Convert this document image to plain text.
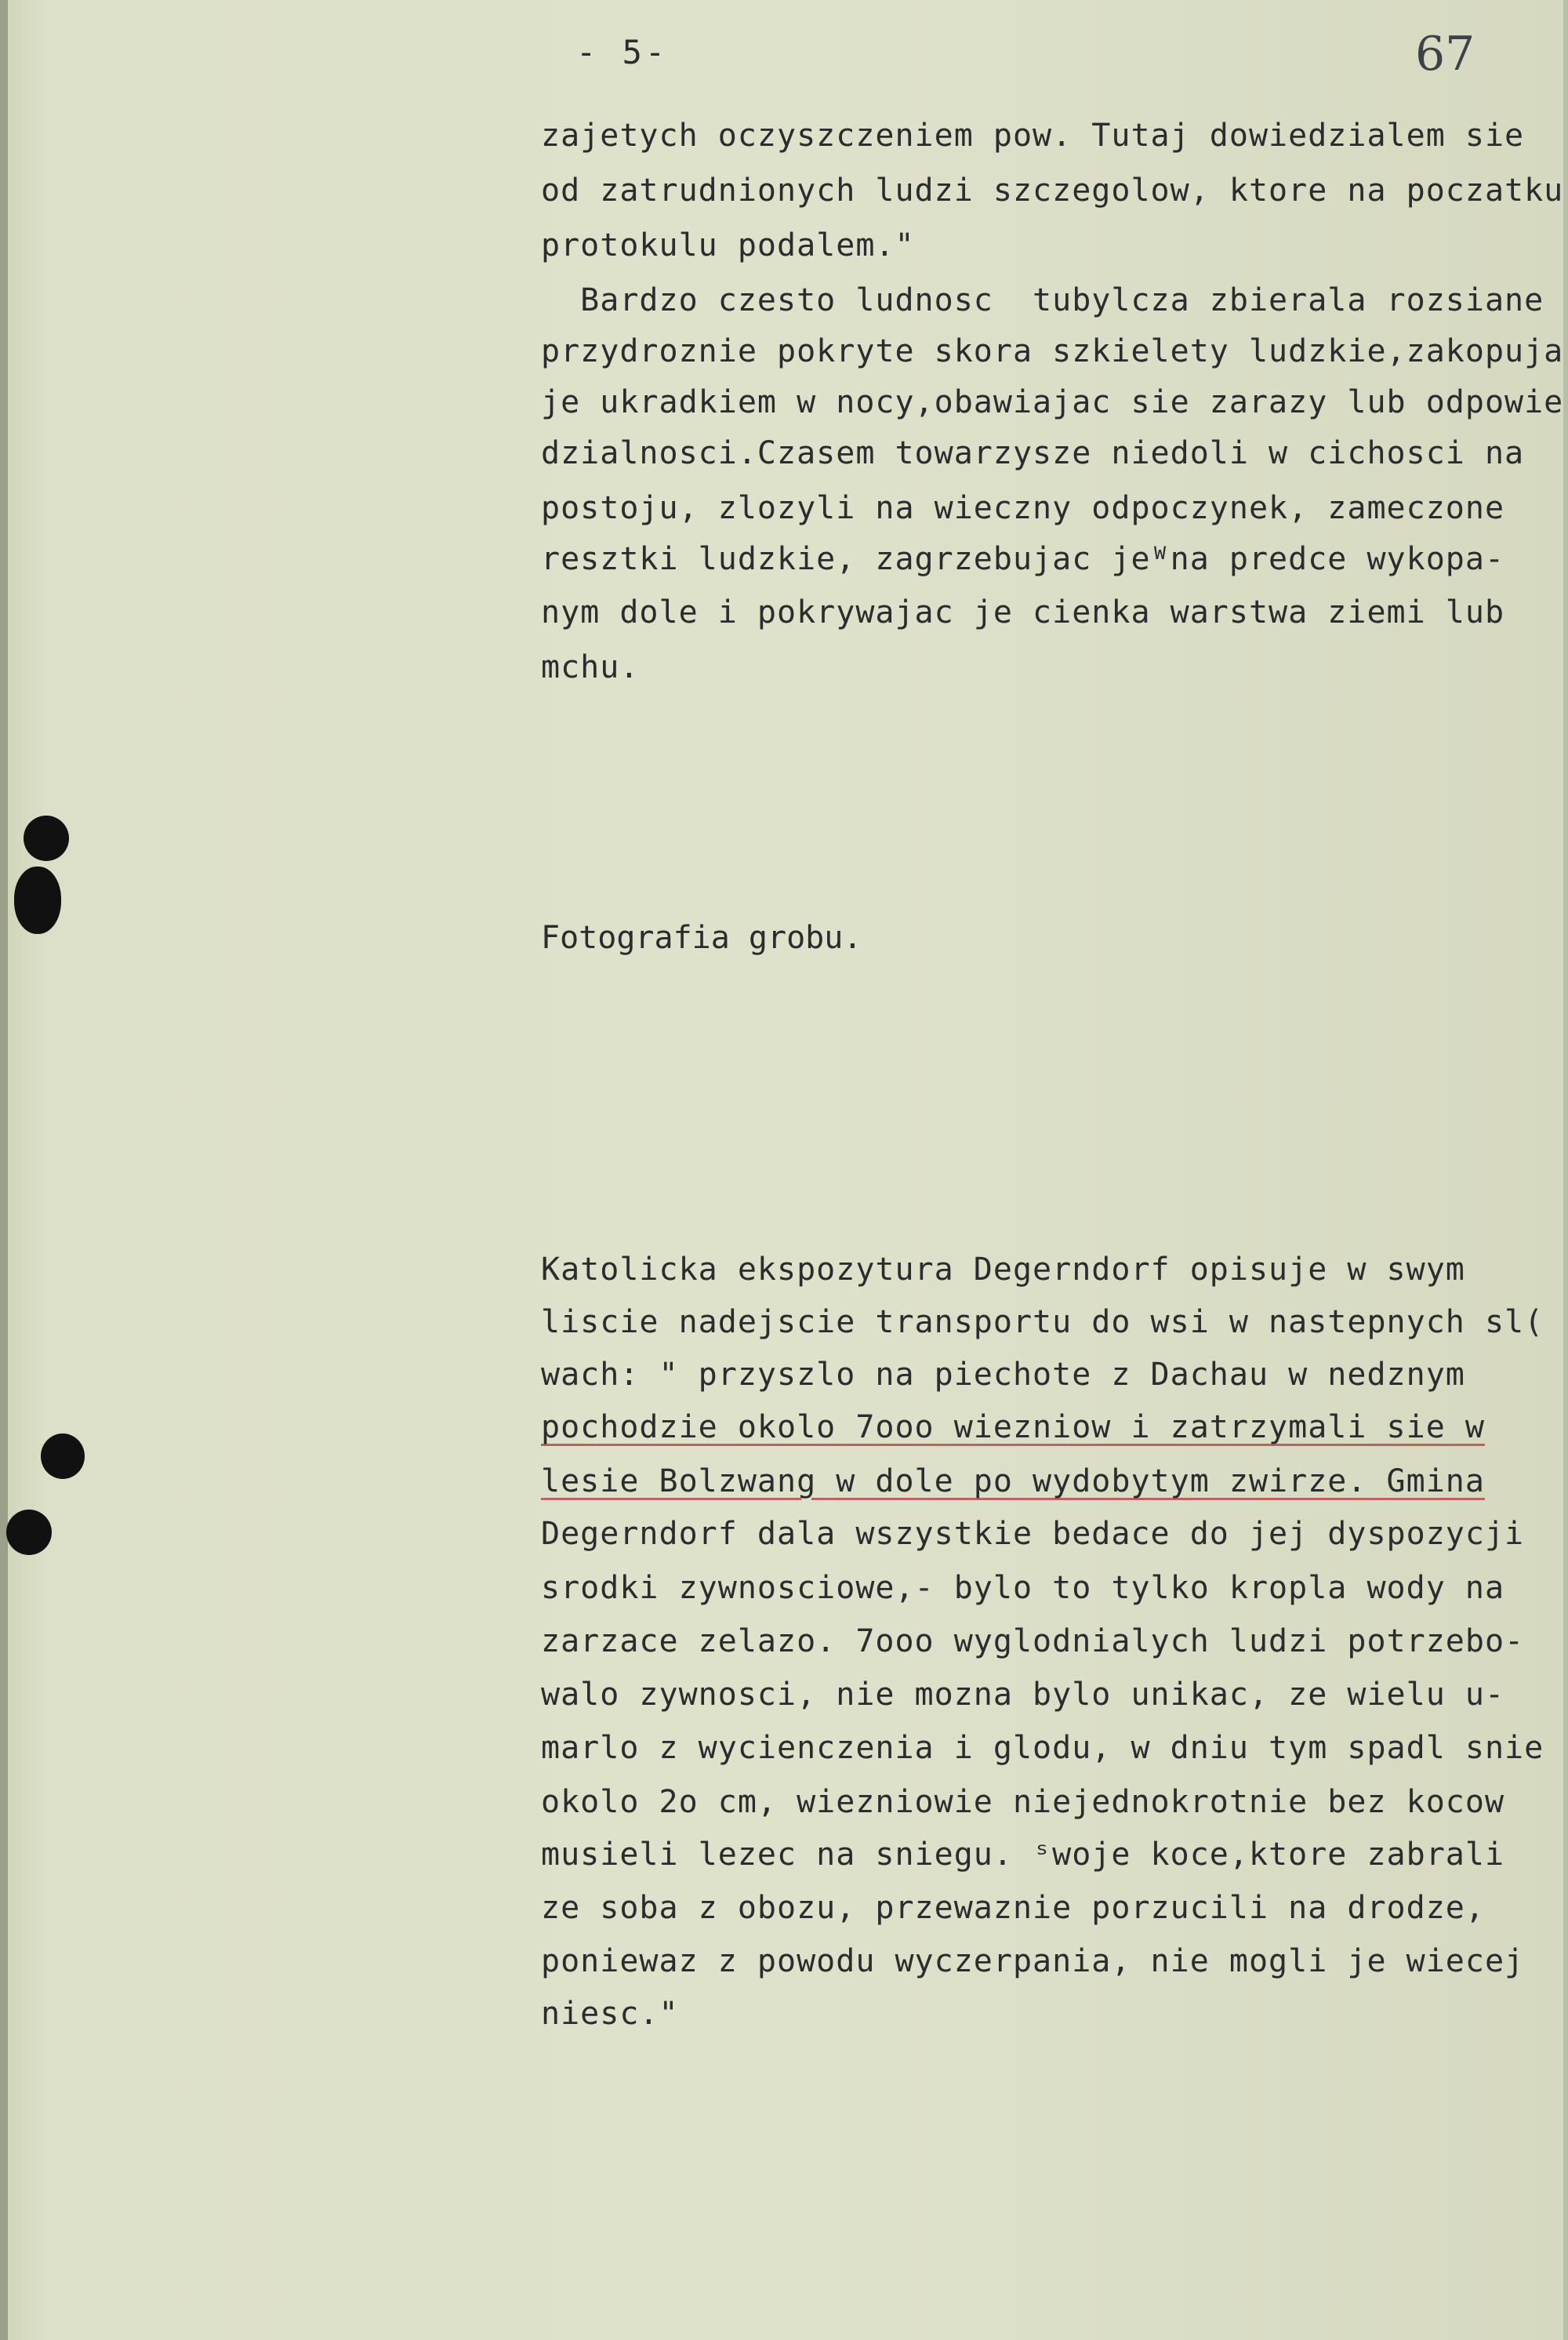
- 5-	67
zajetych oczyszczeniem pow. Tutaj dowiedzialem sie
od zatrudnionych ludzi szczegolow, ktore na poczatku
protokulu podalem."
Bardzo czesto ludnosc  tubylcza zbierala rozsiane
przydroznie pokryte skora szkielety ludzkie,zakopuja
je ukradkiem w nocy,obawiajac sie zarazy lub odpowie
dzialnosci.Czasem towarzysze niedoli w cichosci na
postoju, zlozyli na wieczny odpoczynek, zameczone
resztki ludzkie, zagrzebujac jeᵂna predce wykopa-
nym dole i pokrywajac je cienka warstwa ziemi lub
mchu.
Fotografia grobu.
Katolicka ekspozytura Degerndorf opisuje w swym
liscie nadejscie transportu do wsi w nastepnych sl(
wach: " przyszlo na piechote z Dachau w nedznym
pochodzie okolo 7ooo wiezniow i zatrzymali sie w
lesie Bolzwang w dole po wydobytym zwirze. Gmina
Degerndorf dala wszystkie bedace do jej dyspozycji
srodki zywnosciowe,- bylo to tylko kropla wody na
zarzace zelazo. 7ooo wyglodnialych ludzi potrzebo-
walo zywnosci, nie mozna bylo unikac, ze wielu u-
marlo z wycienczenia i glodu, w dniu tym spadl snie
okolo 2o cm, wiezniowie niejednokrotnie bez kocow
musieli lezec na sniegu. ˢwoje koce,ktore zabrali
ze soba z obozu, przewaznie porzucili na drodze,
poniewaz z powodu wyczerpania, nie mogli je wiecej
niesc."
